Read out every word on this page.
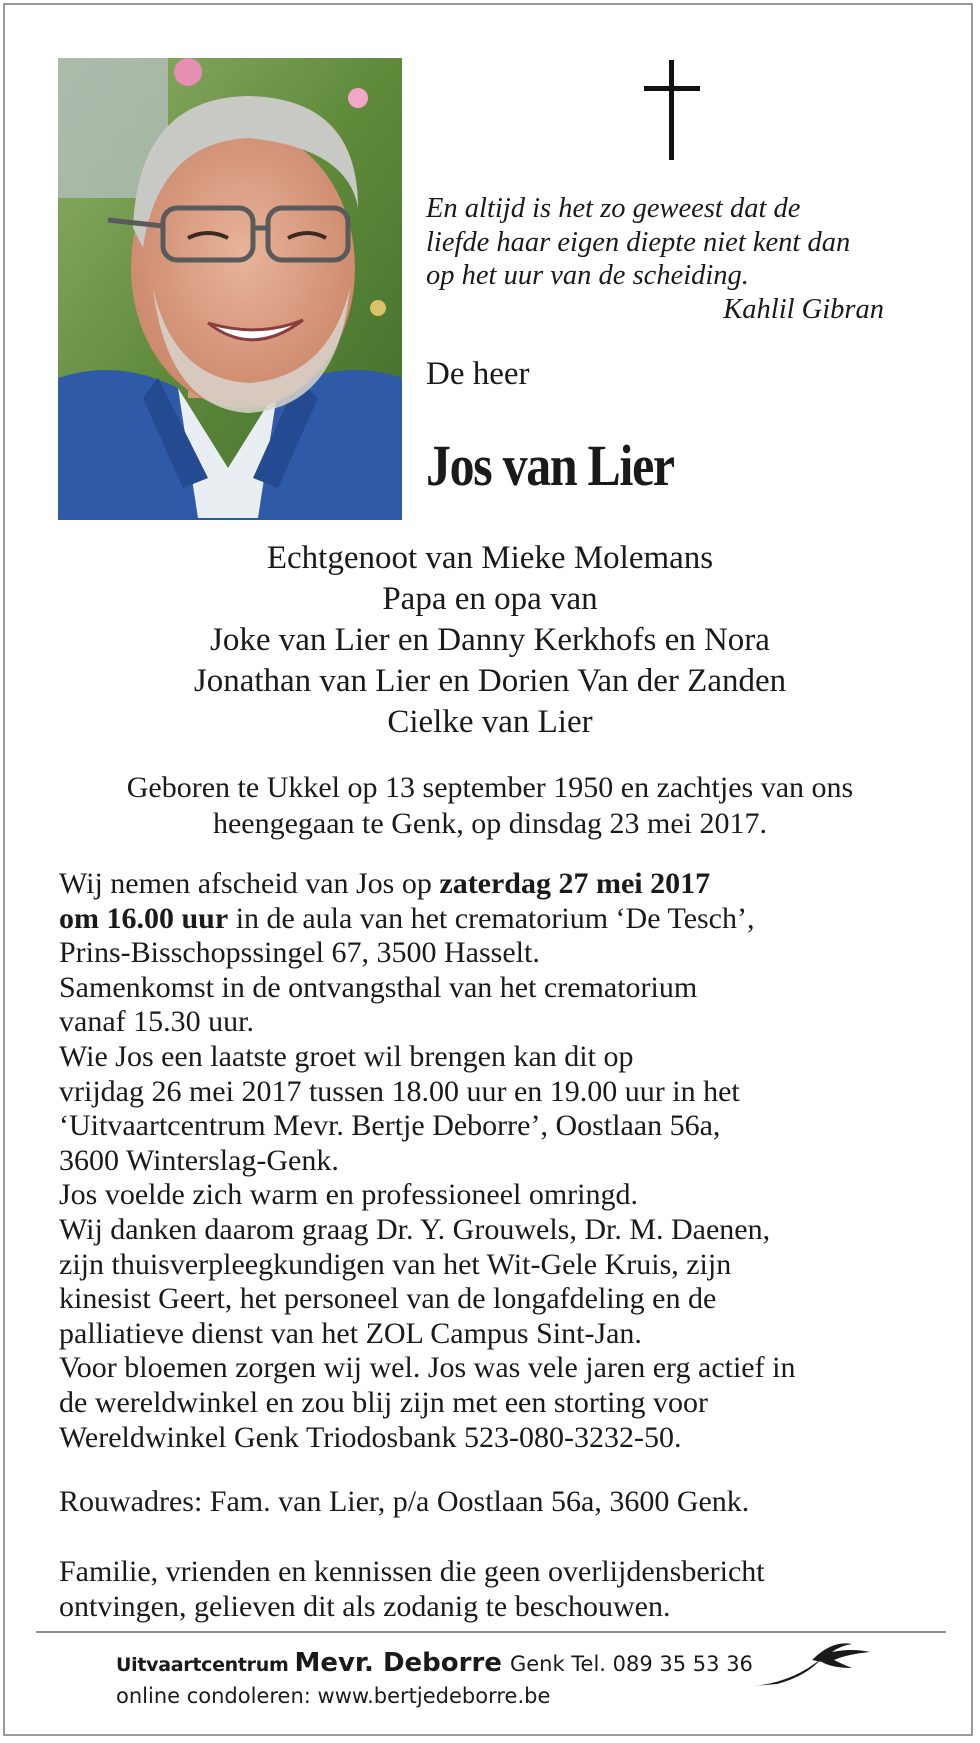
En altijd is het zo geweest dat de
liefde haar eigen diepte niet kent dan
op het uur van de scheiding.
Kahlil Gibran
De heer
Jos van Lier
Echtgenoot van Mieke Molemans
Papa en opa van
Joke van Lier en Danny Kerkhofs en Nora
Jonathan van Lier en Dorien Van der Zanden
Cielke van Lier
Geboren te Ukkel op 13 september 1950 en zachtjes van ons
heengegaan te Genk, op dinsdag 23 mei 2017.
Wij nemen afscheid van Jos op zaterdag 27 mei 2017
om 16.00 uur in de aula van het crematorium ‘De Tesch’,
Prins-Bisschopssingel 67, 3500 Hasselt.
Samenkomst in de ontvangsthal van het crematorium
vanaf 15.30 uur.
Wie Jos een laatste groet wil brengen kan dit op
vrijdag 26 mei 2017 tussen 18.00 uur en 19.00 uur in het
‘Uitvaartcentrum Mevr. Bertje Deborre’, Oostlaan 56a,
3600 Winterslag-Genk.
Jos voelde zich warm en professioneel omringd.
Wij danken daarom graag Dr. Y. Grouwels, Dr. M. Daenen,
zijn thuisverpleegkundigen van het Wit-Gele Kruis, zijn
kinesist Geert, het personeel van de longafdeling en de
palliatieve dienst van het ZOL Campus Sint-Jan.
Voor bloemen zorgen wij wel. Jos was vele jaren erg actief in
de wereldwinkel en zou blij zijn met een storting voor
Wereldwinkel Genk Triodosbank 523-080-3232-50.
Rouwadres: Fam. van Lier, p/a Oostlaan 56a, 3600 Genk.
Familie, vrienden en kennissen die geen overlijdensbericht
ontvingen, gelieven dit als zodanig te beschouwen.
Uitvaartcentrum Mevr. Deborre Genk Tel. 089 35 53 36
online condoleren: www.bertjedeborre.be
